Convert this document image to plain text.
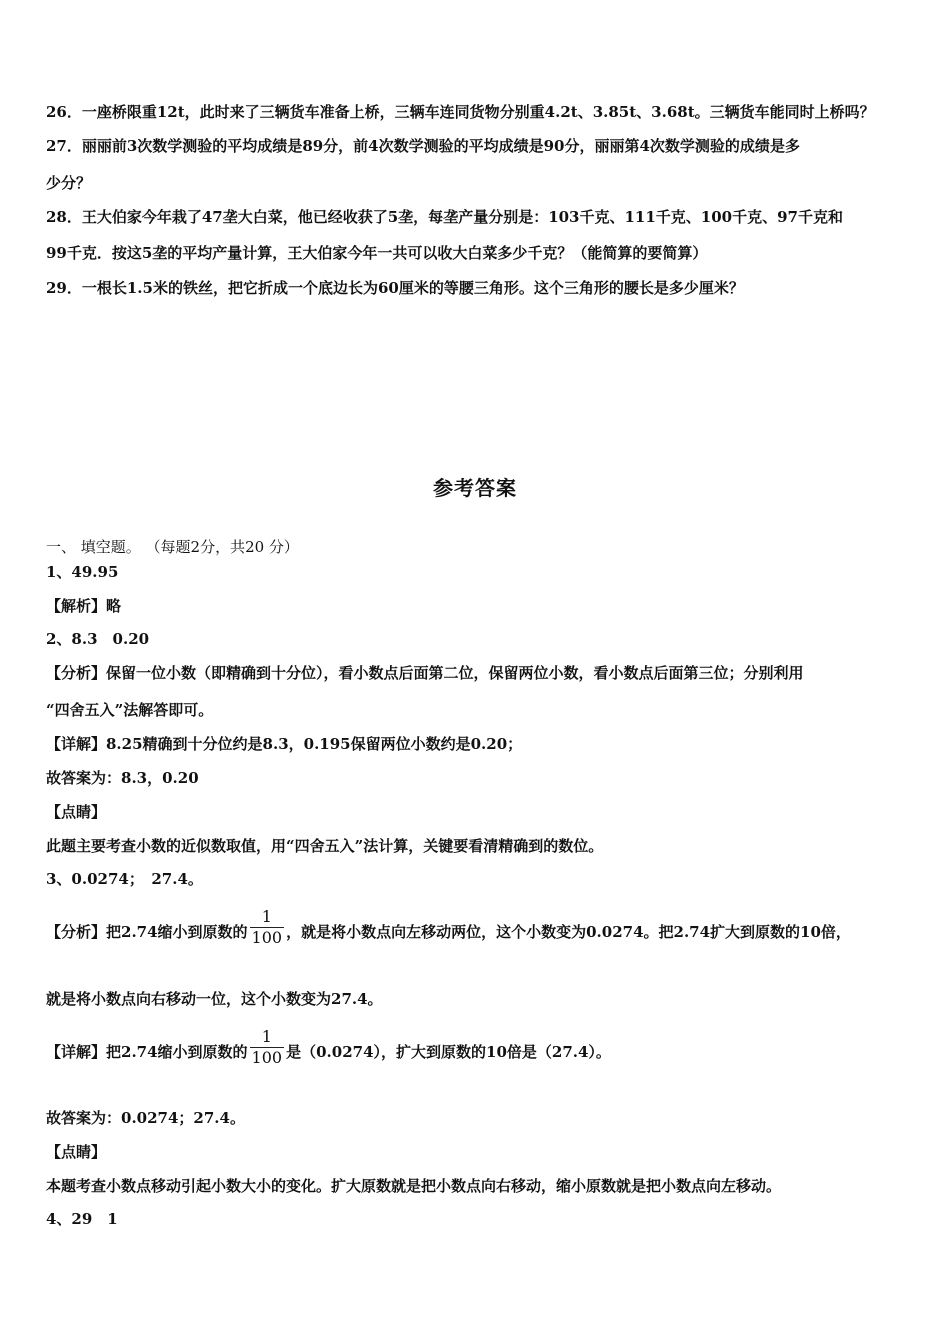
26．一座桥限重12t，此时来了三辆货车准备上桥，三辆车连同货物分别重4.2t、3.85t、3.68t。三辆货车能同时上桥吗？
27．丽丽前3次数学测验的平均成绩是89分，前4次数学测验的平均成绩是90分，丽丽第4次数学测验的成绩是多
少分？
28．王大伯家今年栽了47垄大白菜，他已经收获了5垄，每垄产量分别是：103千克、111千克、100千克、97千克和
99千克．按这5垄的平均产量计算，王大伯家今年一共可以收大白菜多少千克？（能简算的要简算）
29．一根长1.5米的铁丝，把它折成一个底边长为60厘米的等腰三角形。这个三角形的腰长是多少厘米？
参考答案
一、 填空题。 （每题2分，共20 分）
1、49.95
【解析】略
2、8.3　0.20
【分析】保留一位小数（即精确到十分位），看小数点后面第二位，保留两位小数，看小数点后面第三位；分别利用
“四舍五入”法解答即可。
【详解】8.25精确到十分位约是8.3，0.195保留两位小数约是0.20；
故答案为：8.3，0.20
【点睛】
此题主要考查小数的近似数取值，用“四舍五入”法计算，关键要看清精确到的数位。
3、0.0274；　27.4。
【分析】把2.74缩小到原数的 $\frac{1}{100}$ ，就是将小数点向左移动两位，这个小数变为0.0274。把2.74扩大到原数的10倍，
就是将小数点向右移动一位，这个小数变为27.4。
【详解】把2.74缩小到原数的 $\frac{1}{100}$ 是（0.0274），扩大到原数的10倍是（27.4）。
故答案为：0.0274；27.4。
【点睛】
本题考查小数点移动引起小数大小的变化。扩大原数就是把小数点向右移动，缩小原数就是把小数点向左移动。
4、29　1
